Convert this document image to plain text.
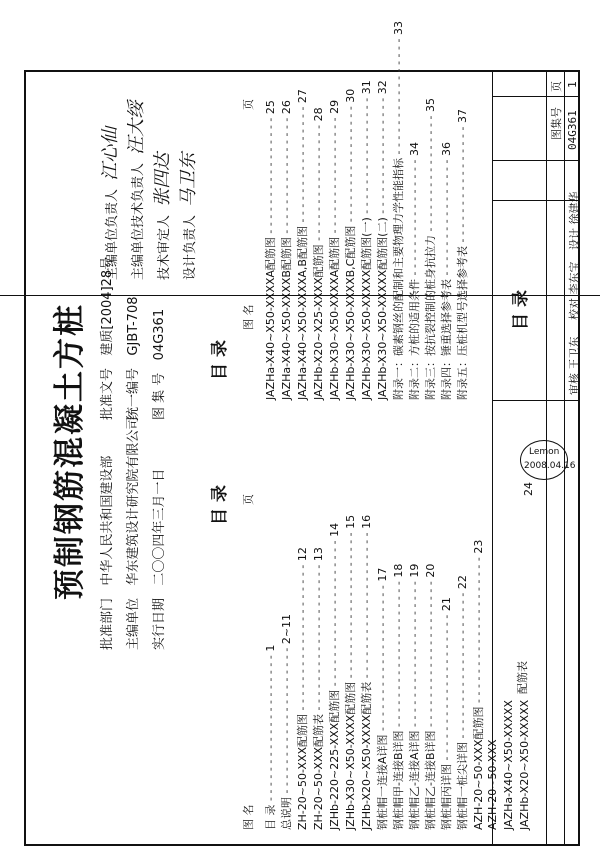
预制钢筋混凝土方桩
批准部门   中华人民共和国建设部
主编单位   华东建筑设计研究院有限公司
实行日期   二〇〇四年三月一日
批准文号   建质[2004]28号
统一编号   GJBT-708
图 集 号   04G361
主编单位负责人  江心仙
主编单位技术负责人  汪大绥
技术审定人  张四达
设计负责人  马卫东
目录
目录
图 名
页
图 名
页
目 录 - - - - - - - - - - - - - - - - - - - - 1
总说明 - - - - - - - - - - - - - - - - - - - - 2~11
ZH-20~50-XXX配筋图 - - - - - - - - - - - - - - - - - - - - 12
ZH-20~50-XXX配筋表 - - - - - - - - - - - - - - - - - - - - 13
JZHb-220~225-XXX配筋图 - - - - - - - - - - - - - - - - - - - - 14
JZHb-X30~X50-XXXX配筋图 - - - - - - - - - - - - - - - - - - - - 15
JZHb-X20~X50-XXXX配筋表 - - - - - - - - - - - - - - - - - - - - 16
钢桩帽一连接A详图 - - - - - - - - - - - - - - - - - - - - 17
钢桩帽甲-连接B详图 - - - - - - - - - - - - - - - - - - - - 18
钢桩帽乙-连接A详图 - - - - - - - - - - - - - - - - - - - - 19
钢桩帽乙-连接B详图 - - - - - - - - - - - - - - - - - - - - 20
钢桩帽丙详图 - - - - - - - - - - - - - - - - - - - - 21
钢桩帽一桩尖详图 - - - - - - - - - - - - - - - - - - - - 22
AZH-20~50-XXX配筋图 - - - - - - - - - - - - - - - - - - - - 23
AZH-20~50-XXX JAZHa-X40~X50-XXXXX JAZHb-X20~X50-XXXXX
配筋表
24
JAZHa-X40~X50-XXXXA配筋图 - - - - - - - - - - - - - - - - 25
JAZHa-X40~X50-XXXXB配筋图 - - - - - - - - - - - - - - - - 26
JAZHa-X40~X50-XXXXA,B配筋图 - - - - - - - - - - - - - - - - 27
JAZHb-X20~X25-XXXX配筋图 - - - - - - - - - - - - - - - - 28
JAZHb-X30~X50-XXXXA配筋图 - - - - - - - - - - - - - - - - 29
JAZHb-X30~X50-XXXXB,C配筋图 - - - - - - - - - - - - - - - - 30
JAZHb-X30~X50-XXXXX配筋图(一) - - - - - - - - - - - - - - - - 31
JAZHb-X30~X50-XXXXX配筋图(二) - - - - - - - - - - - - - - - - 32
附录一：碳素钢丝的配制和主要物理力学性能指标 - - - - - - - - - - - - - - - - 33
附录二：方桩的适用条件 - - - - - - - - - - - - - - - - 34
附录三：按抗裂控制的桩身抗拉力 - - - - - - - - - - - - - - - - 35
附录四：锤重选择参考表 - - - - - - - - - - - - - - - - 36
附录五：压桩机型号选择参考表 - - - - - - - - - - - - - - - - 37	图集号 04G361
页 1
目录
审核 王卫东
校对 李东宝
设计 徐建华
Lemon
2008.04.16
